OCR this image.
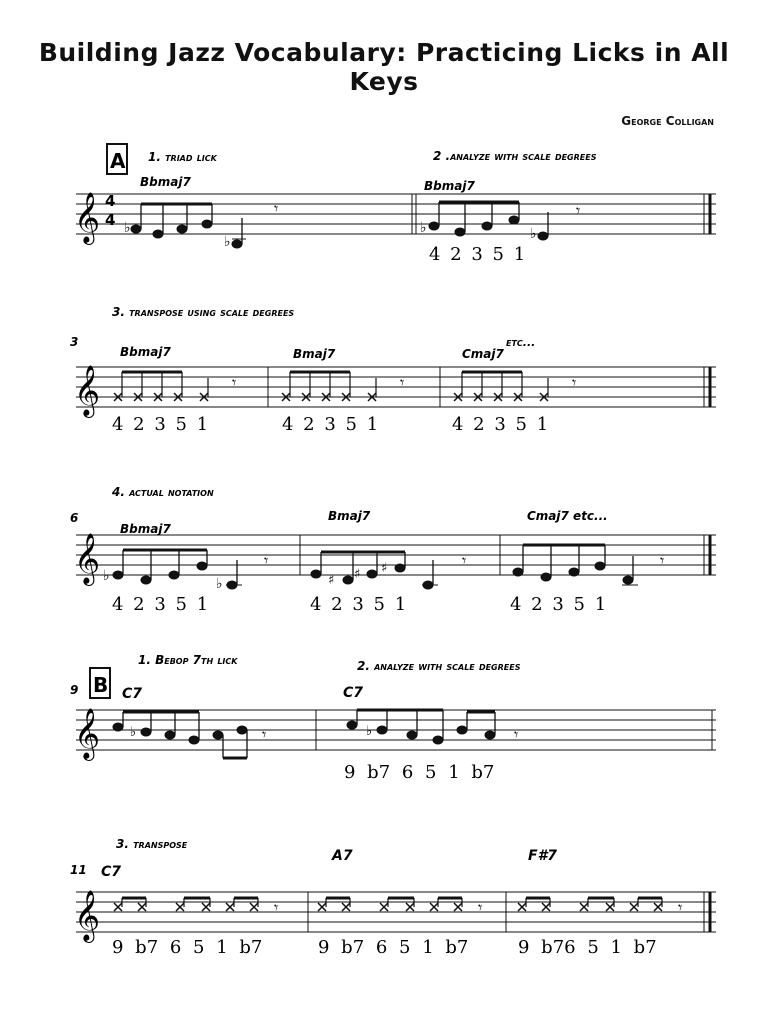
Building Jazz Vocabulary: Practicing Licks in All Keys
George Colligan
𝄞 4
4
A 1. triad lick	2 .analyze with scale degrees
Bbmaj7	Bbmaj7
♭
♭
𝄾
♭	♭
𝄾
4 2 3 5 1
3
3. transpose using scale degrees
𝄞
Bbmaj7	Bmaj7	Cmaj7
etc...
𝄾	𝄾	𝄾
4 2 3 5 1	4 2 3 5 1	4 2 3 5 1
6
4. actual notation
𝄞
Bbmaj7
Bmaj7	Cmaj7 etc...
♭	♭
𝄾
♯ ♯ ♯	𝄾	𝄾
4 2 3 5 1	4 2 3 5 1	4 2 3 5 1
9 B
1. Bebop 7th lick	2. analyze with scale degrees
𝄞
C7	C7
♭	𝄾	♭	𝄾
9 b7 6 5 1 b7
11
3. transpose
𝄞
C7
A7	F#7
𝄾	𝄾	𝄾
9 b7 6 5 1 b7	9 b7 6 5 1 b7	9 b76 5 1 b7
